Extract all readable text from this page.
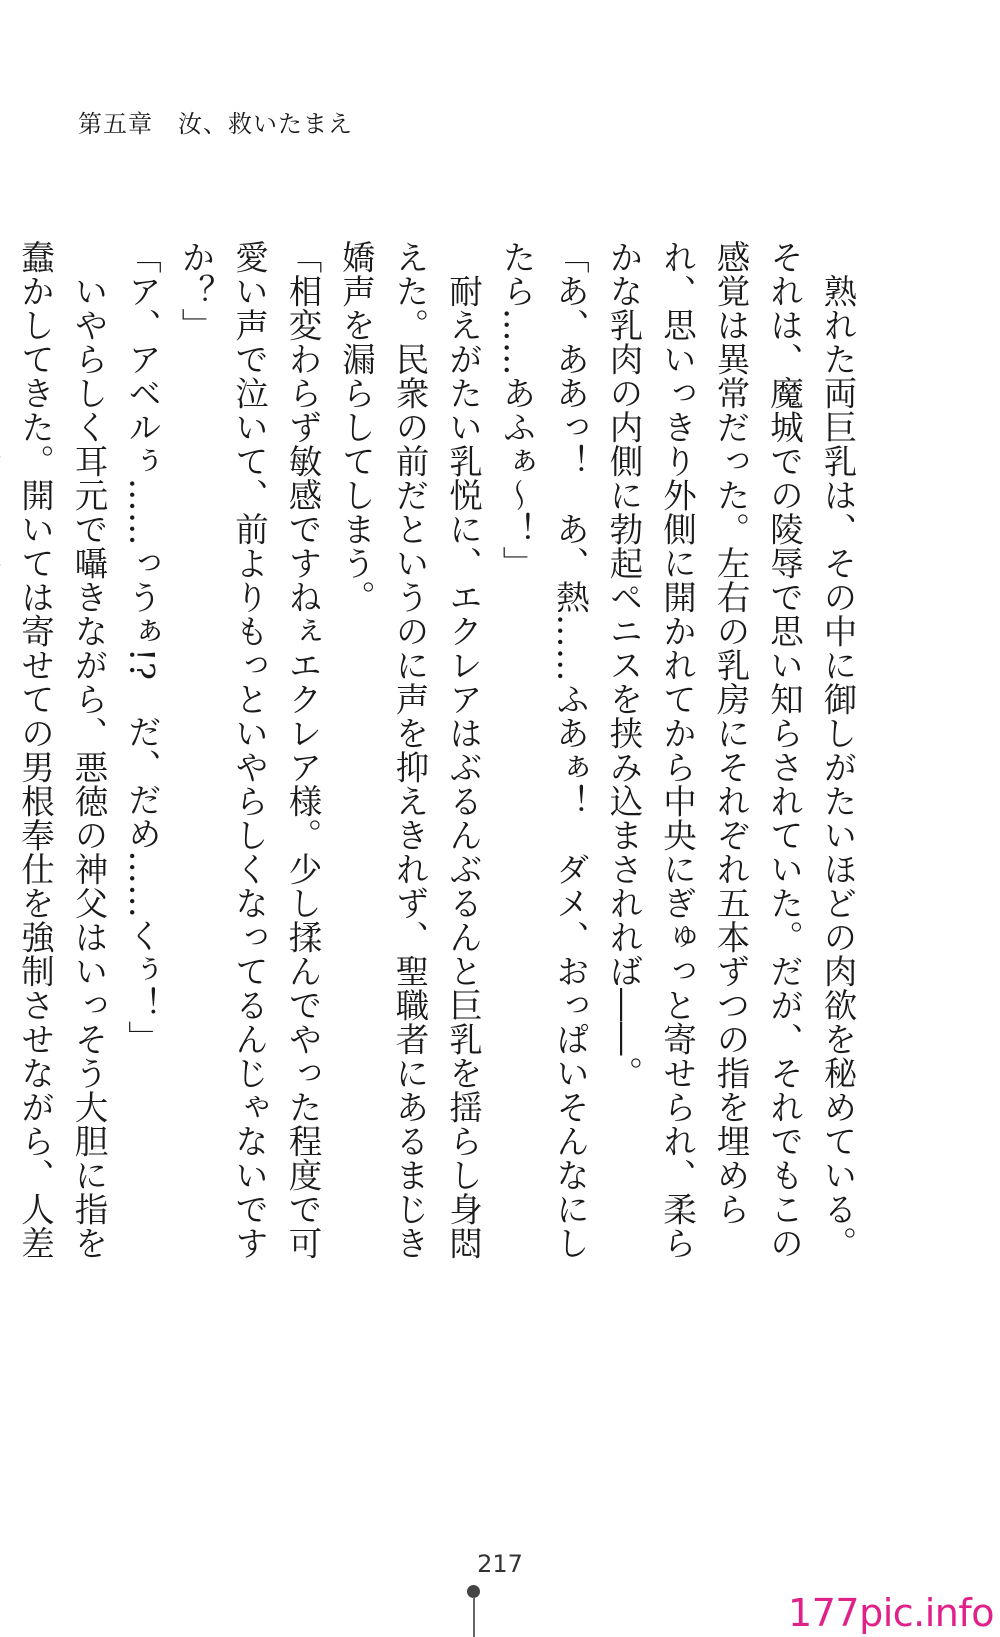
第五章　汝、救いたまえ

　熟れた両巨乳は、その中に御しがたいほどの肉欲を秘めている。それは、魔城での陵辱で思い知らされていた。だが、それでもこの感覚は異常だった。左右の乳房にそれぞれ五本ずつの指を埋められ、思いっきり外側に開かれてから中央にぎゅっと寄せられ、柔らかな乳肉の内側に勃起ペニスを挟み込まされれば――。

「あ、ああっ！　あ、熱……ふあぁ！　ダメ、おっぱいそんなにしたら……あふぁ～！」

　耐えがたい乳悦に、エクレアはぶるんぶるんと巨乳を揺らし身悶えた。民衆の前だというのに声を抑えきれず、聖職者にあるまじき嬌声を漏らしてしまう。

「相変わらず敏感ですねぇエクレア様。少し揉んでやった程度で可愛い声で泣いて、前よりもっといやらしくなってるんじゃないですか？」

「ア、アベルぅ……っうぁ!?　だ、だめ……くぅ！」

　いやらしく耳元で囁きながら、悪徳の神父はいっそう大胆に指を蠢かしてきた。開いては寄せての男根奉仕を強制させながら、人差

217
177pic.info
